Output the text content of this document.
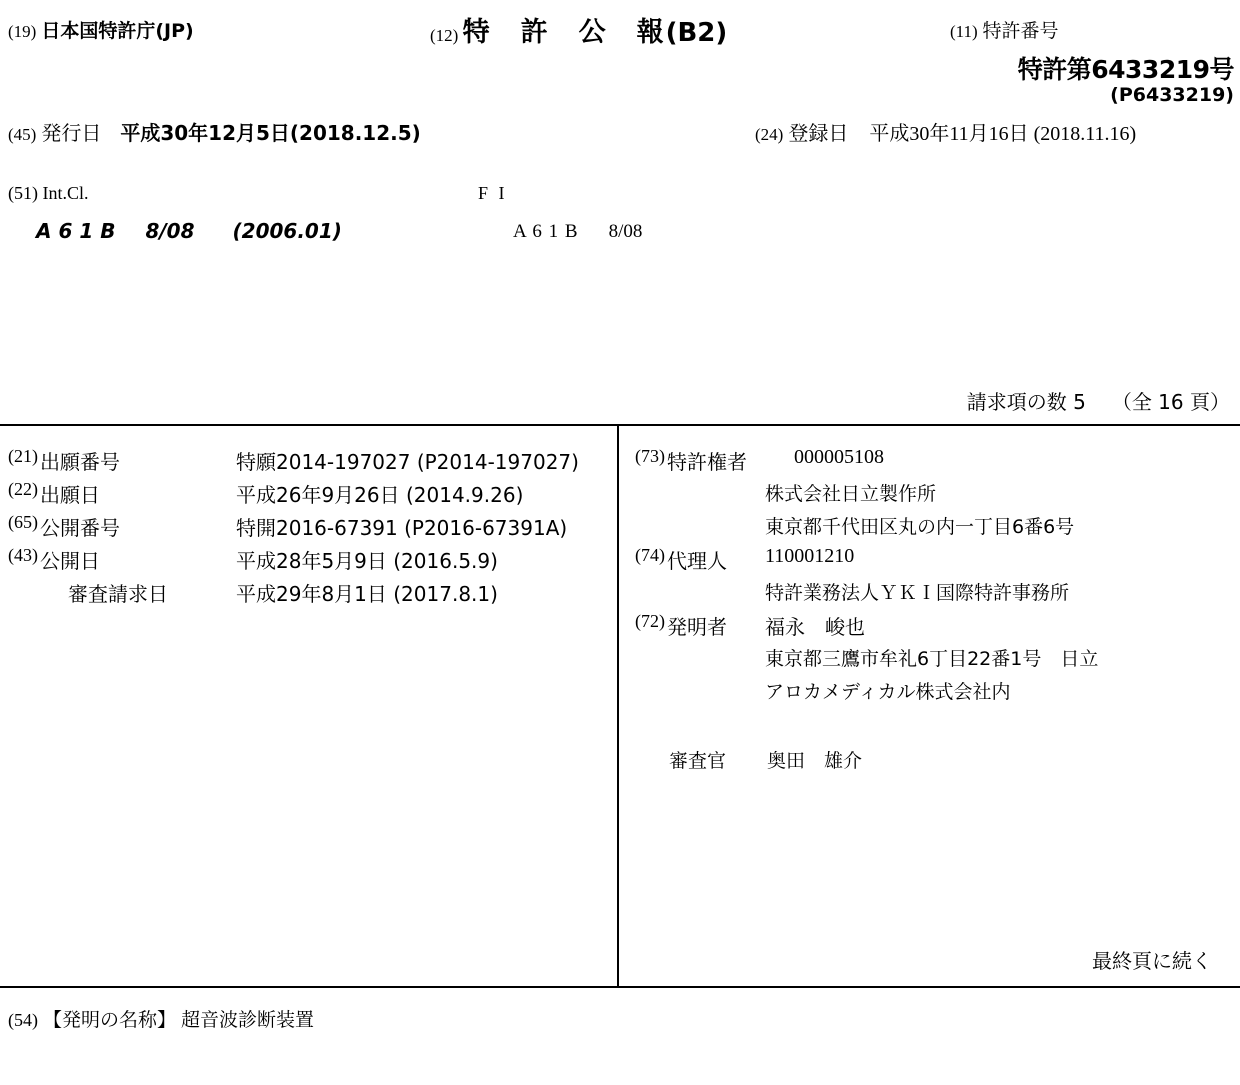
(19) 日本国特許庁(JP)	(12) 特　許　公　報(B2)	(11) 特許番号
特許第6433219号
(P6433219)
(45) 発行日 平成30年12月5日(2018.12.5)	(24) 登録日 平成30年11月16日 (2018.11.16)
(51) Int.Cl.	F I
A 6 1 B 8/08 (2006.01)	A 6 1 B 8/08
請求項の数 5 （全 16 頁）
(21) 出願番号	特願2014-197027 (P2014-197027)
(22) 出願日	平成26年9月26日 (2014.9.26)
(65) 公開番号	特開2016-67391 (P2016-67391A)
(43) 公開日	平成28年5月9日 (2016.5.9)
審査請求日	平成29年8月1日 (2017.8.1)
(73) 特許権者 000005108
株式会社日立製作所
東京都千代田区丸の内一丁目6番6号
(74) 代理人 110001210
特許業務法人ＹＫＩ国際特許事務所
(72) 発明者 福永　峻也
東京都三鷹市牟礼6丁目22番1号　日立
アロカメディカル株式会社内
審査官 奥田　雄介
最終頁に続く
(54) 【発明の名称】 超音波診断装置
